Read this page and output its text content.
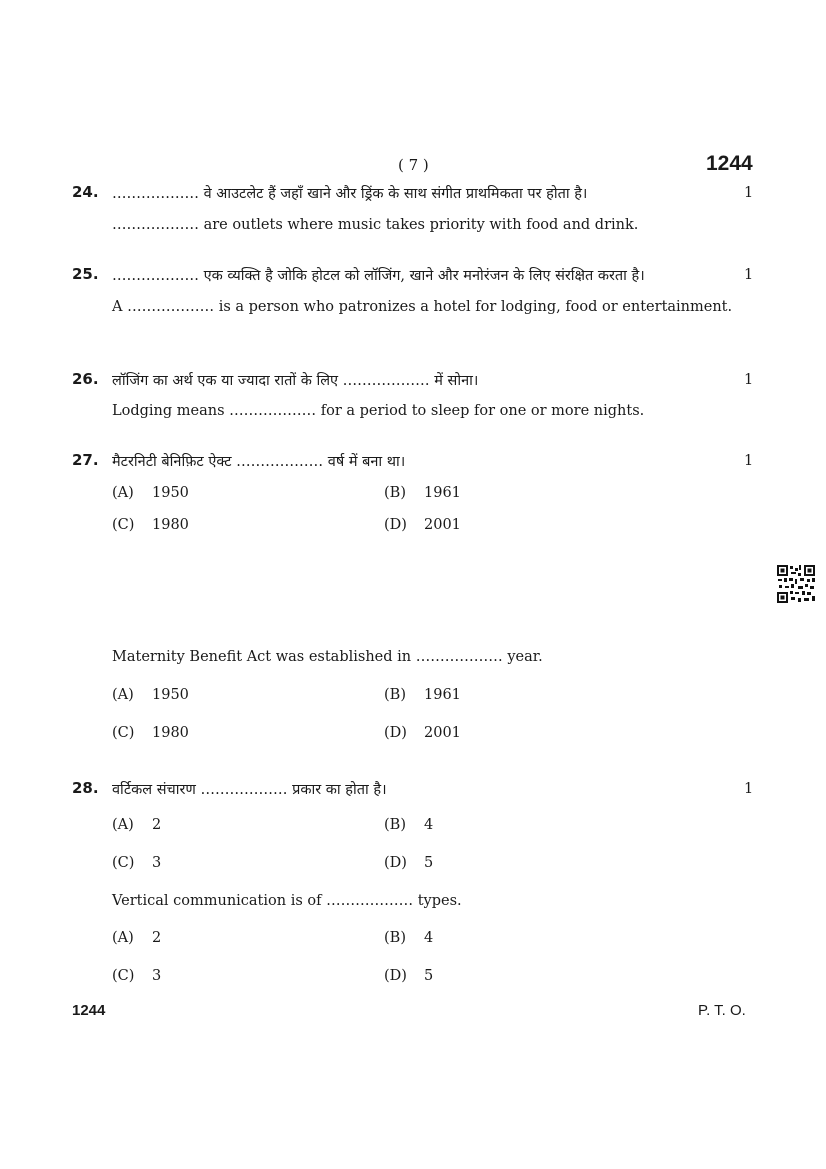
( 7 )	1244
24. ……………… वे आउटलेट हैं जहाँ खाने और ड्रिंक के साथ संगीत प्राथमिकता पर होता है।	1
……………… are outlets where music takes priority with food and drink.
25. ……………… एक व्यक्ति है जोकि होटल को लॉजिंग, खाने और मनोरंजन के लिए संरक्षित करता है।	1
A ……………… is a person who patronizes a hotel for lodging, food or entertainment.
26. लॉजिंग का अर्थ एक या ज्यादा रातों के लिए ……………… में सोना।	1
Lodging means ……………… for a period to sleep for one or more nights.
27. मैटरनिटी बेनिफ़िट ऐक्ट ……………… वर्ष में बना था।	1
(A) 1950	(B) 1961
(C) 1980	(D) 2001
Maternity Benefit Act was established in ……………… year.
(A) 1950	(B) 1961
(C) 1980	(D) 2001
28. वर्टिकल संचारण ……………… प्रकार का होता है।	1
(A) 2	(B) 4
(C) 3	(D) 5
Vertical communication is of ……………… types.
(A) 2	(B) 4
(C) 3	(D) 5
1244	P. T. O.
